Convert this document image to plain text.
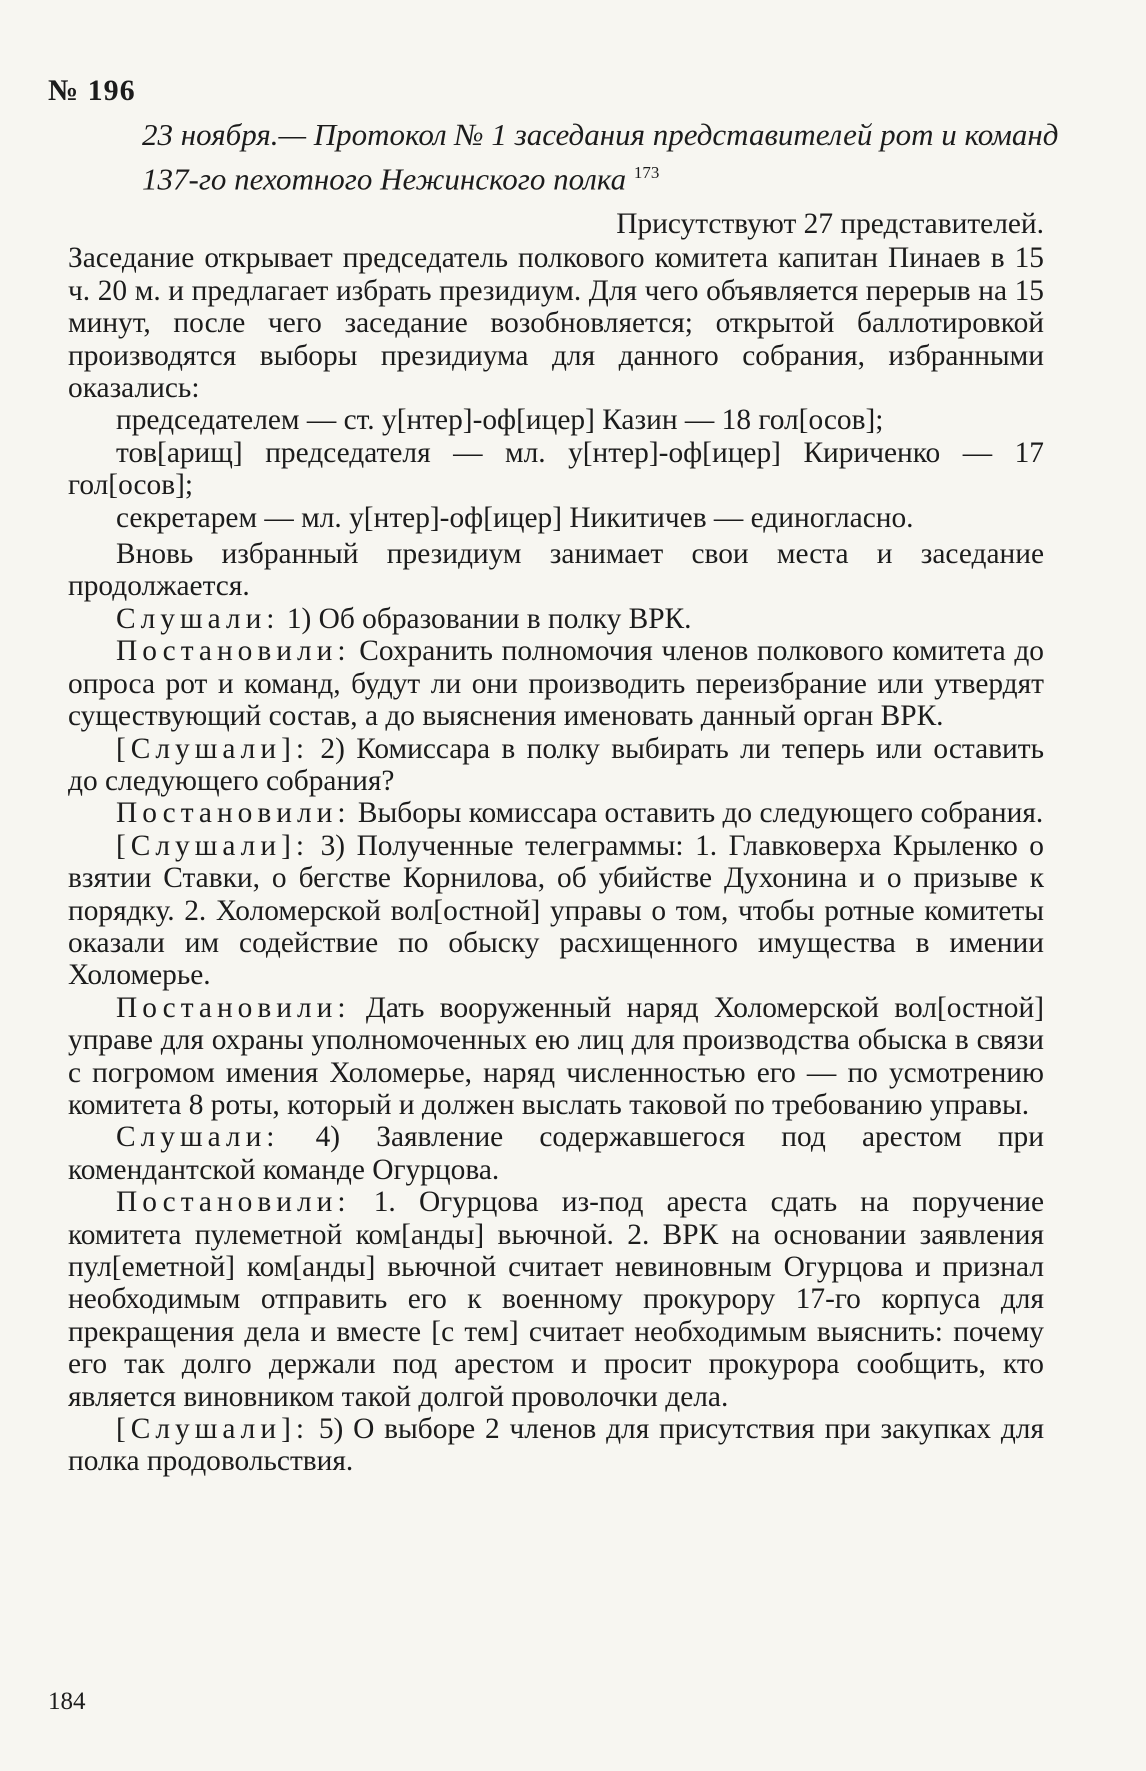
№ 196
23 ноября.— Протокол № 1 заседания представителей рот и команд 137-го пехотного Нежинского полка $^{173}$

Присутствуют 27 представителей.

Заседание открывает председатель полкового комитета капитан Пинаев в 15 ч. 20 м. и предлагает избрать президиум. Для чего объявляется перерыв на 15 минут, после чего заседание возобновляется; открытой баллотировкой производятся выборы президиума для данного собрания, избранными оказались:

председателем — ст. у[нтер]-оф[ицер] Казин — 18 гол[осов];

тов[арищ] председателя — мл. у[нтер]-оф[ицер] Кириченко — 17 гол[осов];

секретарем — мл. у[нтер]-оф[ицер] Никитичев — единогласно.

Вновь избранный президиум занимает свои места и заседание продолжается.

Слушали: 1) Об образовании в полку ВРК.

Постановили: Сохранить полномочия членов полкового комитета до опроса рот и команд, будут ли они производить переизбрание или утвердят существующий состав, а до выяснения именовать данный орган ВРК.

[Слушали]: 2) Комиссара в полку выбирать ли теперь или оставить до следующего собрания?

Постановили: Выборы комиссара оставить до следующего собрания.

[Слушали]: 3) Полученные телеграммы: 1. Главковерха Крыленко о взятии Ставки, о бегстве Корнилова, об убийстве Духонина и о призыве к порядку. 2. Холомерской вол[остной] управы о том, чтобы ротные комитеты оказали им содействие по обыску расхищенного имущества в имении Холомерье.

Постановили: Дать вооруженный наряд Холомерской вол[остной] управе для охраны уполномоченных ею лиц для производства обыска в связи с погромом имения Холомерье, наряд численностью его — по усмотрению комитета 8 роты, который и должен выслать таковой по требованию управы.

Слушали: 4) Заявление содержавшегося под арестом при комендантской команде Огурцова.

Постановили: 1. Огурцова из-под ареста сдать на поручение комитета пулеметной ком[анды] вьючной. 2. ВРК на основании заявления пул[еметной] ком[анды] вьючной считает невиновным Огурцова и признал необходимым отправить его к военному прокурору 17-го корпуса для прекращения дела и вместе [с тем] считает необходимым выяснить: почему его так долго держали под арестом и просит прокурора сообщить, кто является виновником такой долгой проволочки дела.

[Слушали]: 5) О выборе 2 членов для присутствия при закупках для полка продовольствия.

184
